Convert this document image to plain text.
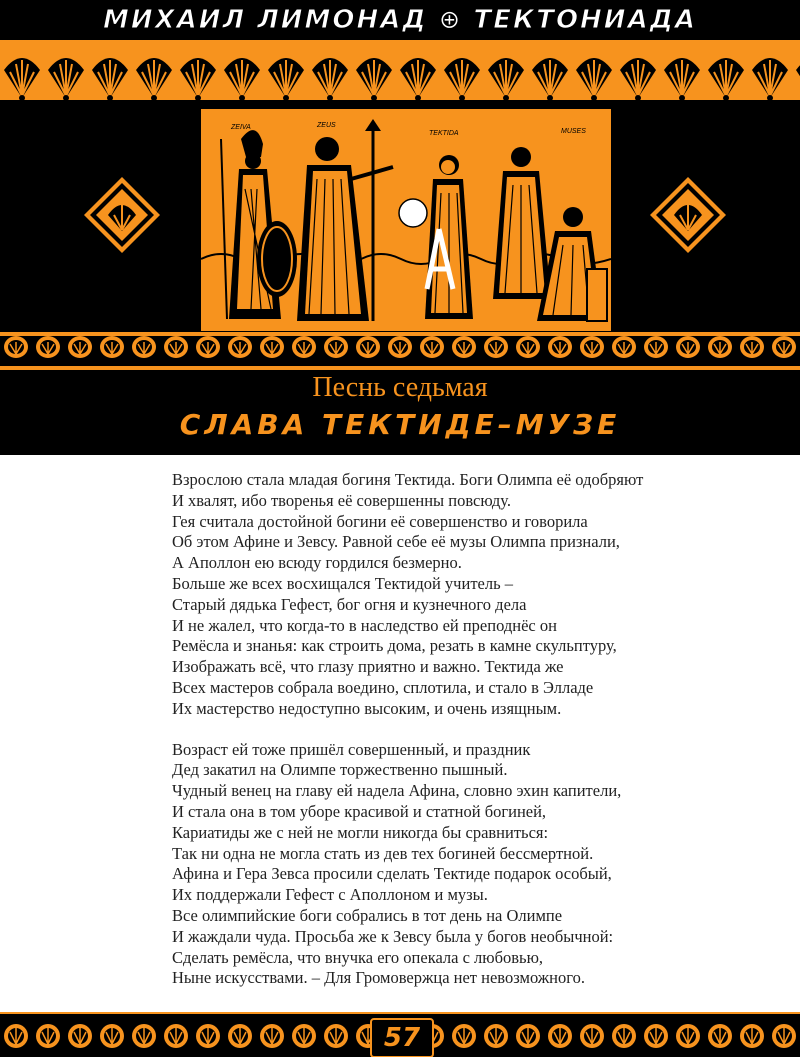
МИХАИЛ ЛИМОНАД ⊕ ТЕКТОНИАДА
ZEIVA	ZEUS
TEKTIDA	MUSES
Песнь седьмая
СЛАВА ТЕКТИДЕ–МУЗЕ
Взрослою стала младая богиня Тектида. Боги Олимпа её одобряют
И хвалят, ибо творенья её совершенны повсюду.
Гея считала достойной богини её совершенство и говорила
Об этом Афине и Зевсу. Равной себе её музы Олимпа признали,
А Аполлон ею всюду гордился безмерно.
Больше же всех восхищался Тектидой учитель –
Старый дядька Гефест, бог огня и кузнечного дела
И не жалел, что когда-то в наследство ей преподнёс он
Ремёсла и знанья: как строить дома, резать в камне скульптуру,
Изображать всё, что глазу приятно и важно. Тектида же
Всех мастеров собрала воедино, сплотила, и стало в Элладе
Их мастерство недоступно высоким, и очень изящным.
Возраст ей тоже пришёл совершенный, и праздник
Дед закатил на Олимпе торжественно пышный.
Чудный венец на главу ей надела Афина, словно эхин капители,
И стала она в том уборе красивой и статной богиней,
Кариатиды же с ней не могли никогда бы сравниться:
Так ни одна не могла стать из дев тех богиней бессмертной.
Афина и Гера Зевса просили сделать Тектиде подарок особый,
Их поддержали Гефест с Аполлоном и музы.
Все олимпийские боги собрались в тот день на Олимпе
И жаждали чуда. Просьба же к Зевсу была у богов необычной:
Сделать ремёсла, что внучка его опекала с любовью,
Ныне искусствами. – Для Громовержца нет невозможного.
57
